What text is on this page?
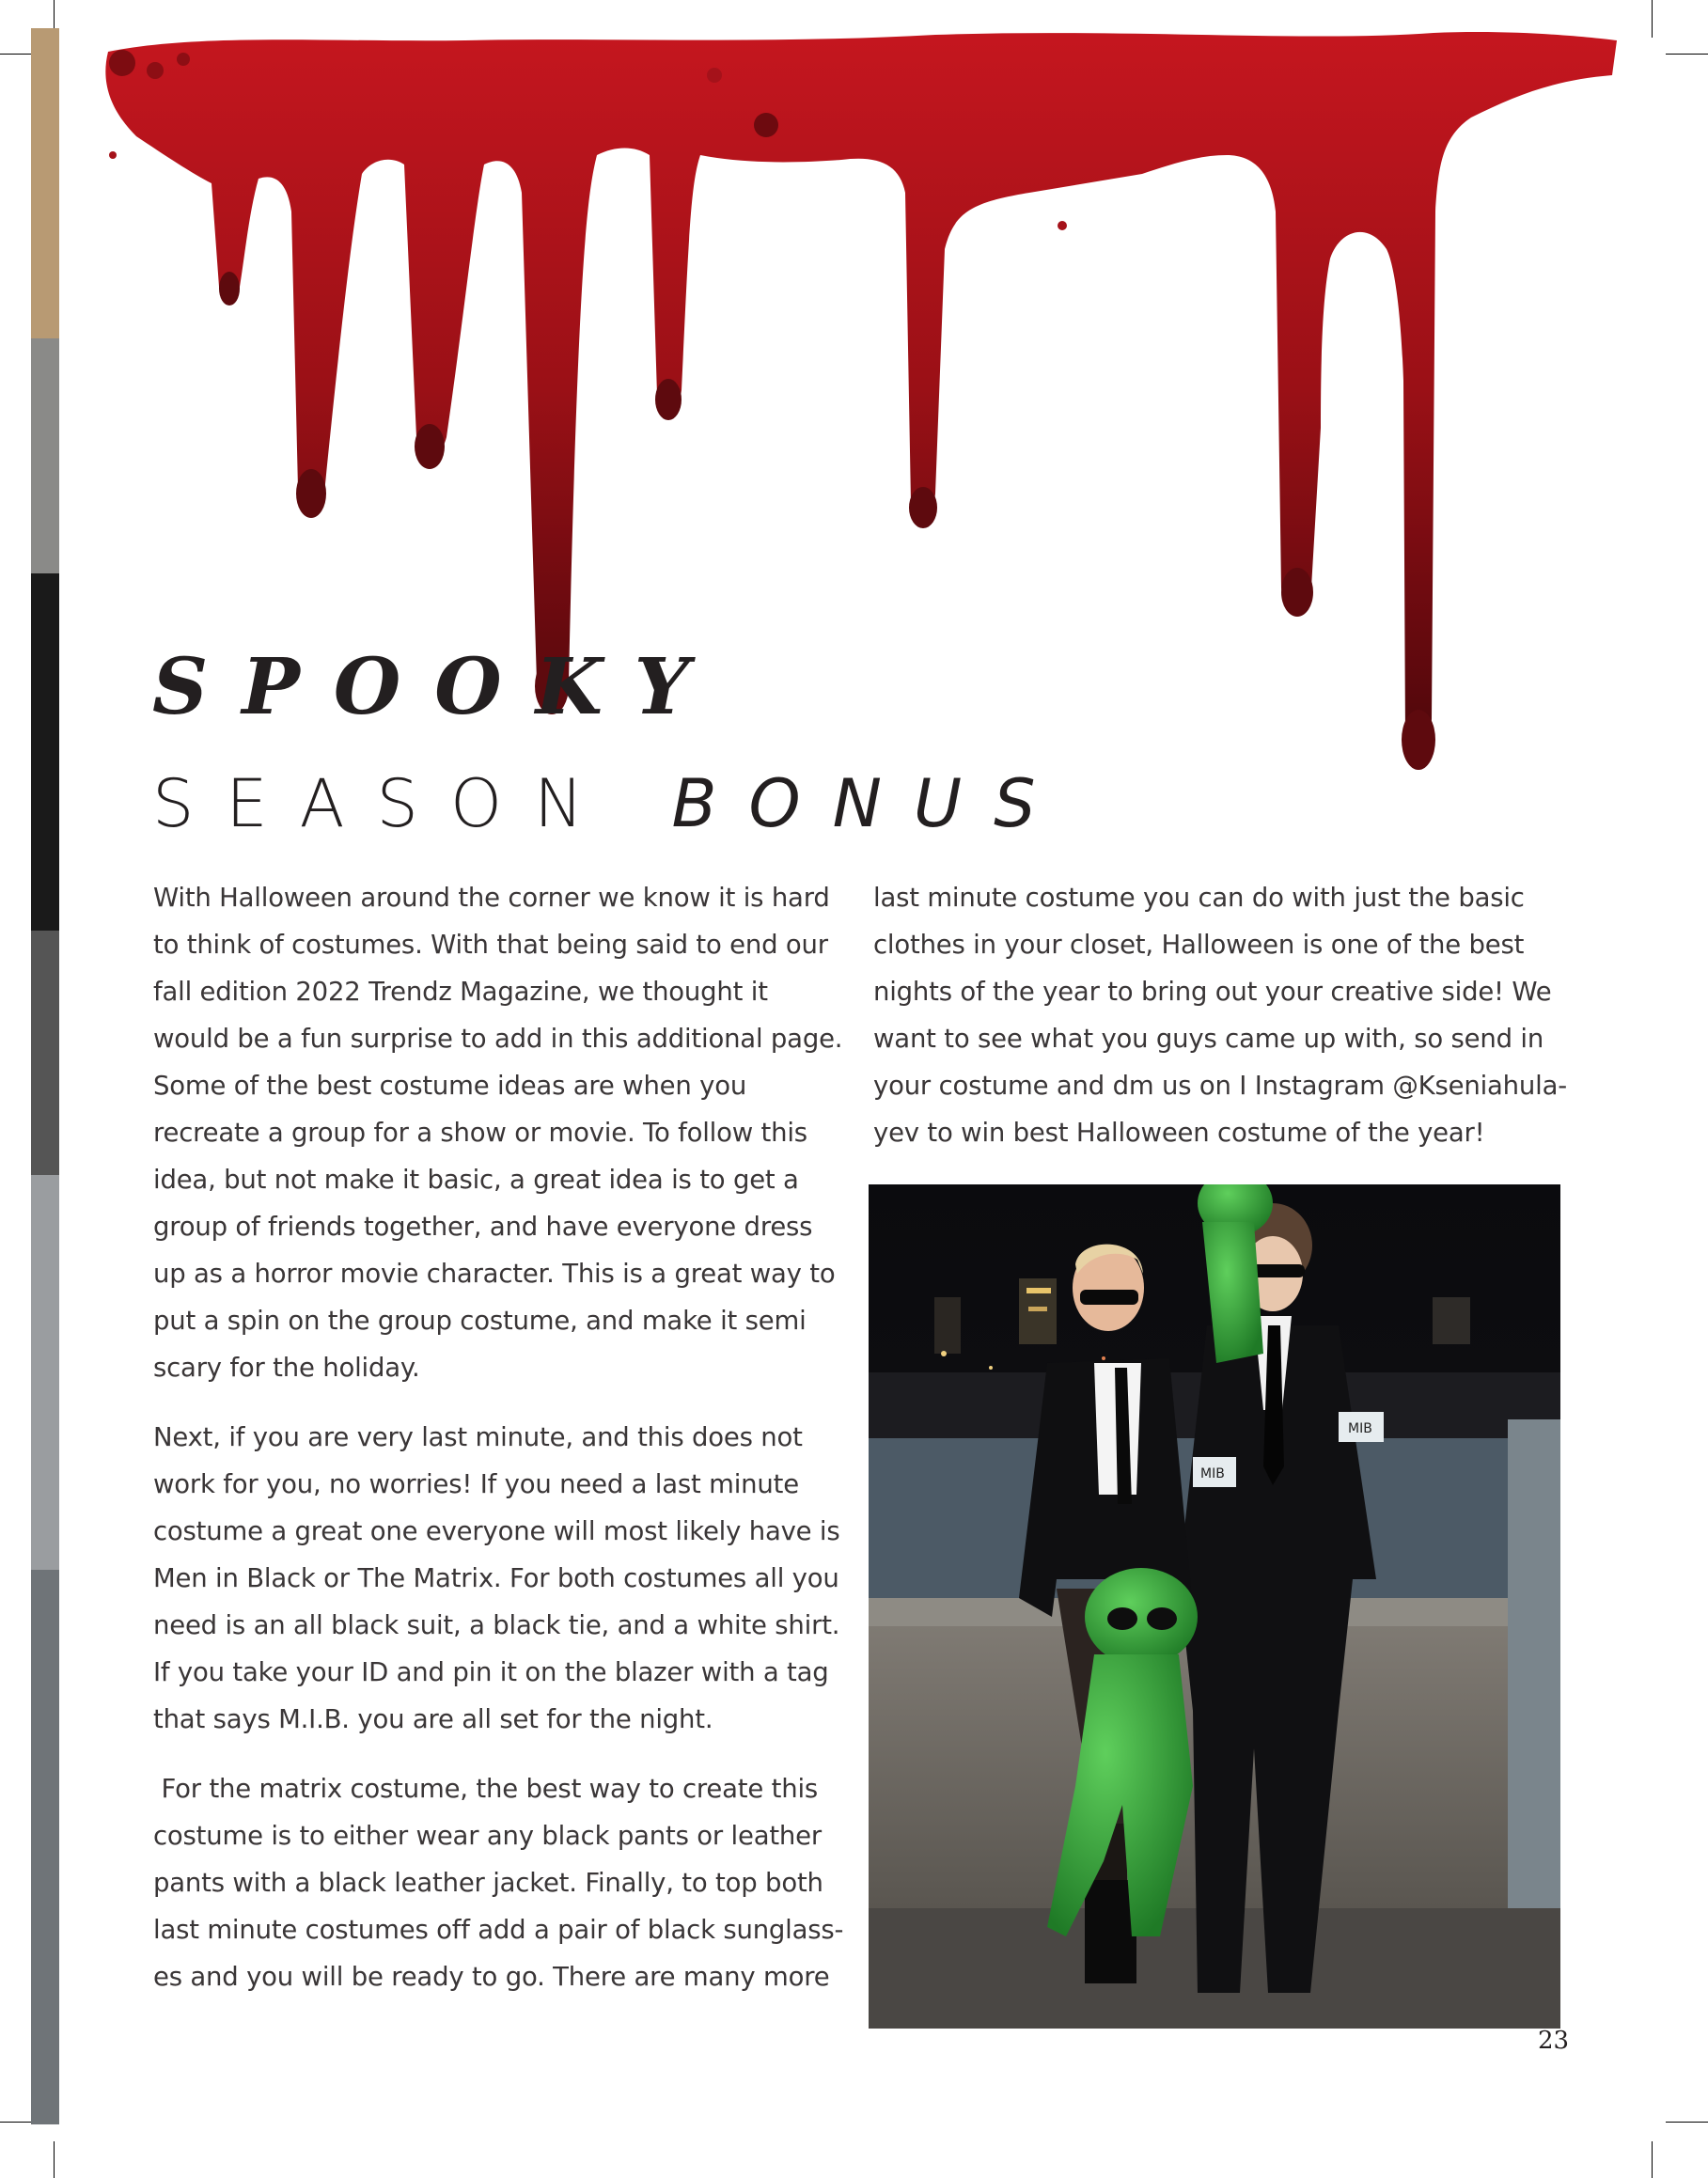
SPOOKY
SEASON BONUS

With Halloween around the corner we know it is hard to think of costumes. With that being said to end our fall edition 2022 Trendz Magazine, we thought it would be a fun surprise to add in this additional page. Some of the best costume ideas are when you recreate a group for a show or movie. To follow this idea, but not make it basic, a great idea is to get a group of friends together, and have everyone dress up as a horror movie character. This is a great way to put a spin on the group costume, and make it semi scary for the holiday.

Next, if you are very last minute, and this does not work for you, no worries! If you need a last minute costume a great one everyone will most likely have is Men in Black or The Matrix. For both costumes all you need is an all black suit, a black tie, and a white shirt. If you take your ID and pin it on the blazer with a tag that says M.I.B. you are all set for the night.

For the matrix costume, the best way to create this costume is to either wear any black pants or leather pants with a black leather jacket. Finally, to top both last minute costumes off add a pair of black sunglass-es and you will be ready to go. There are many more

last minute costume you can do with just the basic clothes in your closet, Halloween is one of the best nights of the year to bring out your creative side! We want to see what you guys came up with, so send in your costume and dm us on I Instagram @Kseniahula-yev to win best Halloween costume of the year!

MIB
MIB
23
